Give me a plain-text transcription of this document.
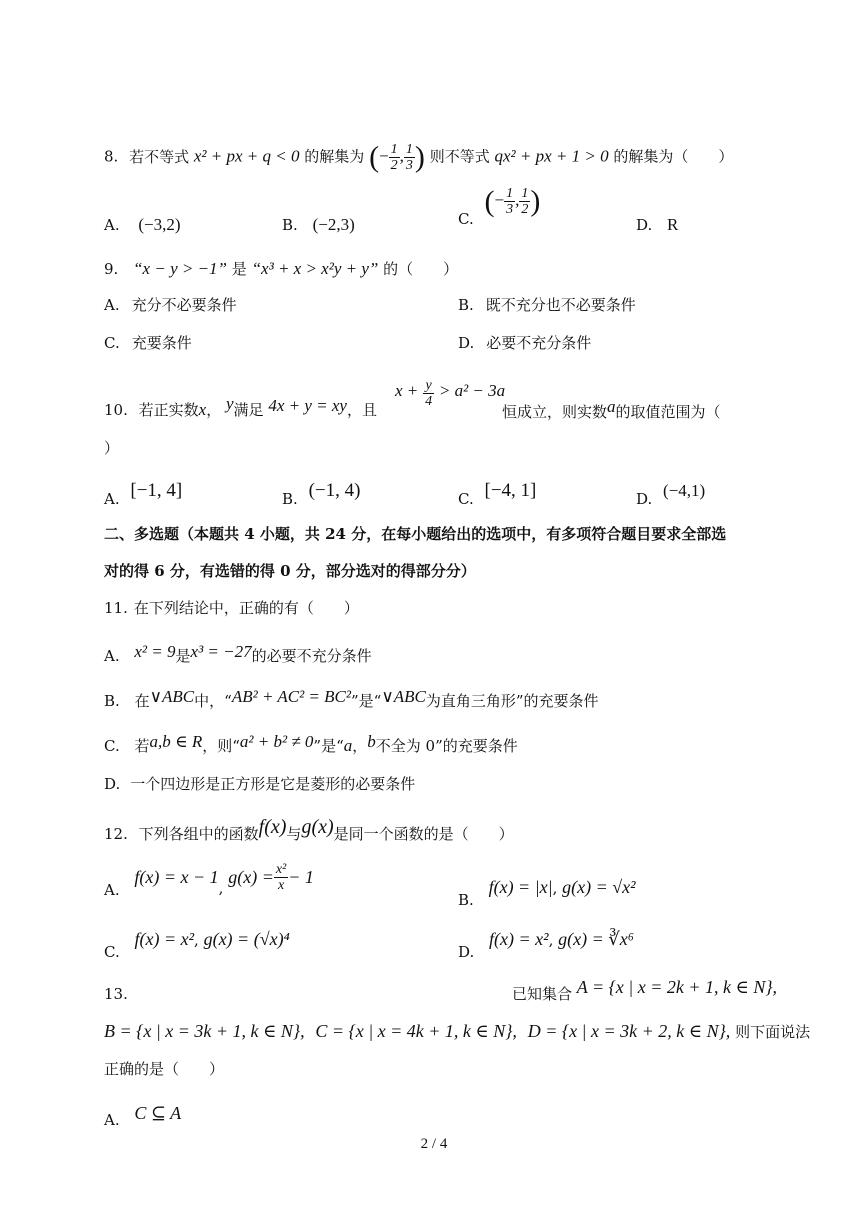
8. 若不等式 x² + px + q < 0 的解集为 (− $\frac{1}{2}$ , $\frac{1}{3}$ ) 则不等式 qx² + px + 1 > 0 的解集为（　　）
A. (−3,2)	B. (−2,3)	C. (− $\frac{1}{3}$ , $\frac{1}{2}$ )
D. R
9. “x − y > −1” 是 “x³ + x > x²y + y” 的（　　）
A. 充分不必要条件	B. 既不充分也不必要条件
C. 充要条件	D. 必要不充分条件
10. 若正实数x， y满足 4x + y = xy，且
$x + \frac{y}{4} > a^2 - 3a$
恒成立，则实数a的取值范围为（
）
A. [−1, 4]	B. (−1, 4)	C. [−4, 1]	D. (−4,1)
二、多选题（本题共 4 小题，共 24 分，在每小题给出的选项中，有多项符合题目要求全部选
对的得 6 分，有选错的得 0 分，部分选对的得部分分）
11. 在下列结论中，正确的有（　　）
A. x² = 9是x³ = −27的必要不充分条件
B. 在∨ABC中，“AB² + AC² = BC²”是“∨ABC为直角三角形”的充要条件
C. 若a,b ∈ R，则“a² + b² ≠ 0”是“a，b不全为 0”的充要条件
D. 一个四边形是正方形是它是菱形的必要条件
12. 下列各组中的函数f(x)与g(x)是同一个函数的是（　　）
A. f(x) = x − 1, $g(x) = \frac{\text{x²}}{x} - 1$
B. f(x) = |x|, g(x) = √x²
C. f(x) = x², g(x) = (√x)⁴
D. f(x) = x², g(x) = ∛x⁶
13.	已知集合 A = {x | x = 2k + 1, k ∈ N},
B = {x | x = 3k + 1, k ∈ N}, C = {x | x = 4k + 1, k ∈ N}, D = {x | x = 3k + 2, k ∈ N}, 则下面说法
正确的是（　　）
A. C ⊆ A
2 / 4
